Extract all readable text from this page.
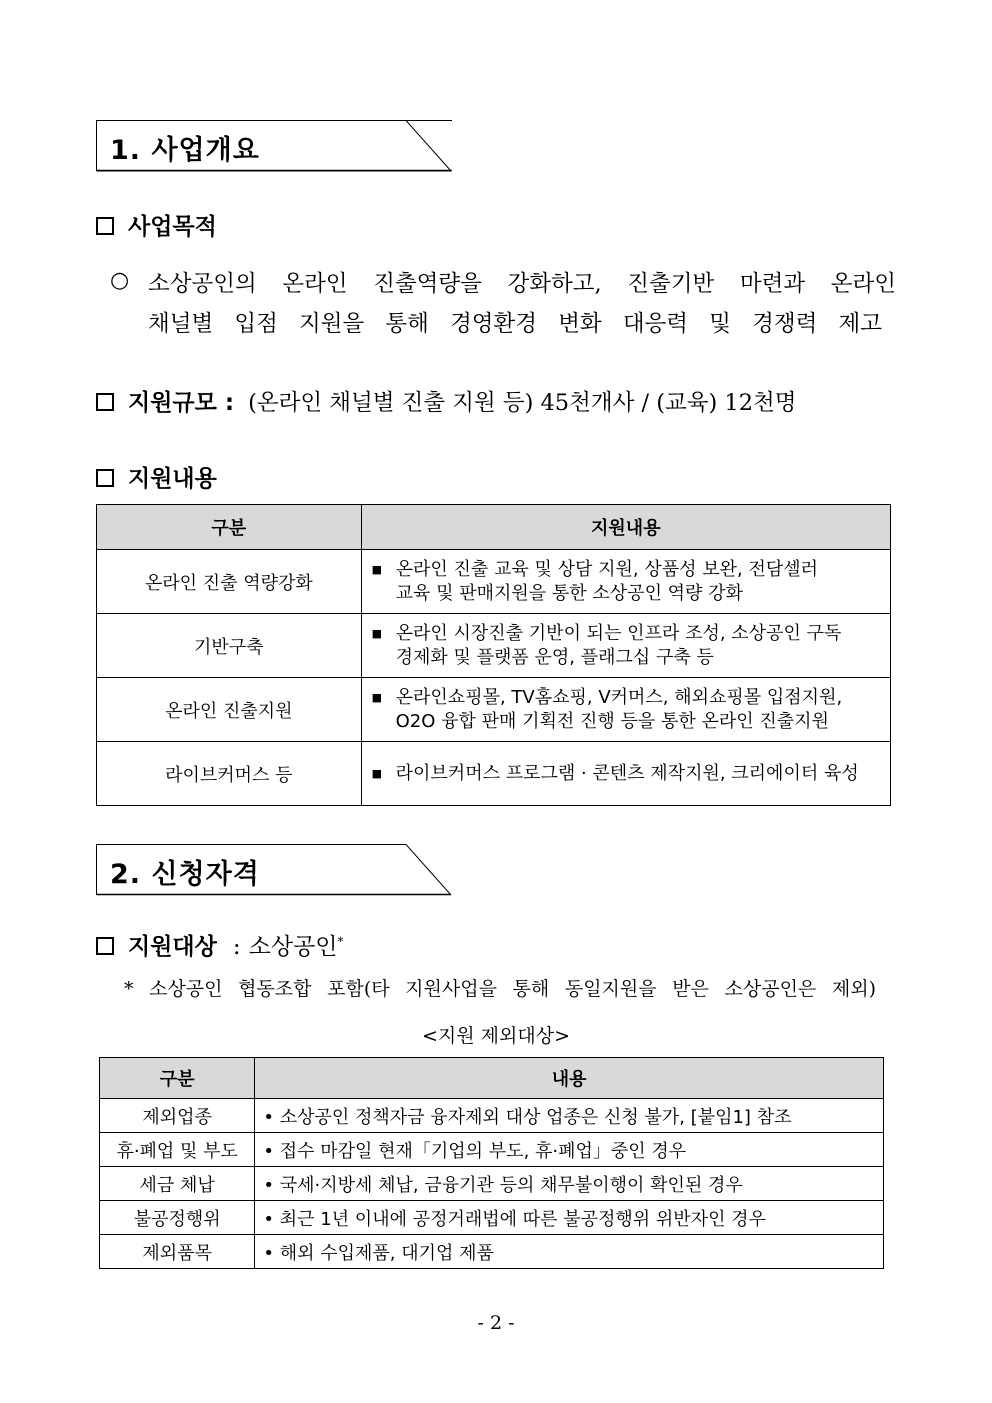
1. 사업개요
사업목적
○ 소상공인의 온라인 진출역량을 강화하고, 진출기반 마련과 온라인
채널별 입점 지원을 통해 경영환경 변화 대응력 및 경쟁력 제고
지원규모 : (온라인 채널별 진출 지원 등) 45천개사 / (교육) 12천명
지원내용
구분	지원내용
온라인 진출 역량강화	■ 온라인 진출 교육 및 상담 지원, 상품성 보완, 전담셀러
교육 및 판매지원을 통한 소상공인 역량 강화

기반구축	■ 온라인 시장진출 기반이 되는 인프라 조성, 소상공인 구독
경제화 및 플랫폼 운영, 플래그십 구축 등

온라인 진출지원	■ 온라인쇼핑몰, TV홈쇼핑, V커머스, 해외쇼핑몰 입점지원,
O2O 융합 판매 기획전 진행 등을 통한 온라인 진출지원

라이브커머스 등	■ 라이브커머스 프로그램 · 콘텐츠 제작지원, 크리에이터 육성
2. 신청자격
지원대상 : 소상공인*
* 소상공인 협동조합 포함(타 지원사업을 통해 동일지원을 받은 소상공인은 제외)
<지원 제외대상>
구분	내용
제외업종	• 소상공인 정책자금 융자제외 대상 업종은 신청 불가, [붙임1] 참조
휴·폐업 및 부도	• 접수 마감일 현재「기업의 부도, 휴·폐업」중인 경우
세금 체납	• 국세·지방세 체납, 금융기관 등의 채무불이행이 확인된 경우
불공정행위	• 최근 1년 이내에 공정거래법에 따른 불공정행위 위반자인 경우
제외품목	• 해외 수입제품, 대기업 제품
- 2 -
